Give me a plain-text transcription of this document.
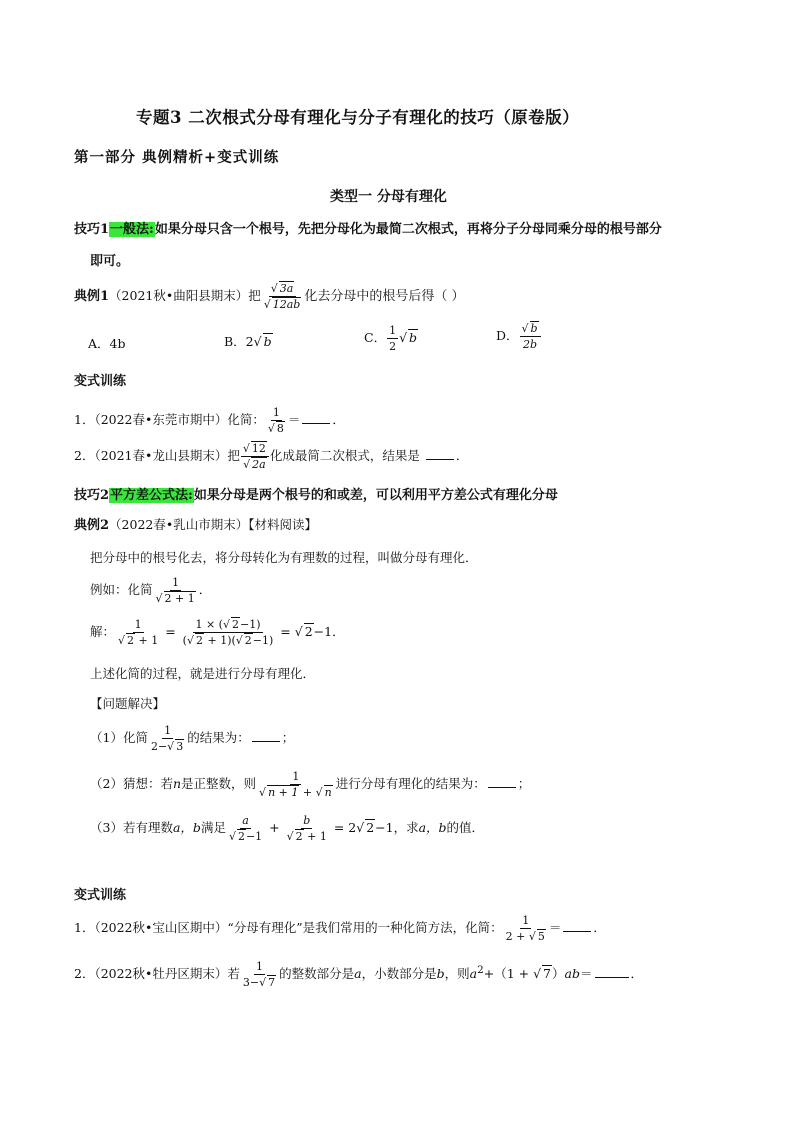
专题3 二次根式分母有理化与分子有理化的技巧（原卷版）
第一部分 典例精析+变式训练
类型一 分母有理化
技巧1一般法:如果分母只含一个根号，先把分母化为最简二次根式，再将分子分母同乘分母的根号部分
即可。
典例1（2021秋•曲阳县期末）把 $\frac{√ 3a}{√ 12ab}$ 化去分母中的根号后得（ ）
A．4b	B．2√ b	C． $\frac{1}{2}$ √ b	D． $\frac{√ b}{2b}$
变式训练
1．（2022春•东莞市期中）化简： $\frac{1}{√ 8}$ ＝	．
2．（2021春•龙山县期末）把 $\frac{√ 12}{√ 2a}$ 化成最简二次根式，结果是	．
技巧2平方差公式法:如果分母是两个根号的和或差，可以利用平方差公式有理化分母
典例2（2022春•乳山市期末）【材料阅读】
把分母中的根号化去，将分母转化为有理数的过程，叫做分母有理化．
例如：化简 $\frac{1}{√ 2 + 1}$ ．
解： $\frac{1}{√ 2 + 1} = \frac{1 \times (√ 2-1)}{(√ 2 + 1)(√ 2-1)}$ = √ 2−1．
上述化简的过程，就是进行分母有理化．
【问题解决】
（1）化简 $\frac{1}{2-√ 3}$ 的结果为：	；
（2）猜想：若n是正整数，则 $\frac{1}{√ n + 1 + √ n}$ 进行分母有理化的结果为：	；
（3）若有理数a，b满足 $\frac{a}{√ 2-1} + \frac{b}{√ 2 + 1} = 2√$ 2−1，求a，b的值．
变式训练
1．（2022秋•宝山区期中）“分母有理化”是我们常用的一种化简方法，化简： $\frac{1}{2 + √ 5}$ ＝	．
2．（2022秋•牡丹区期末）若 $\frac{1}{3-√ 7}$ 的整数部分是a，小数部分是b，则$a^2+(1$ + √ 7）ab＝	．
